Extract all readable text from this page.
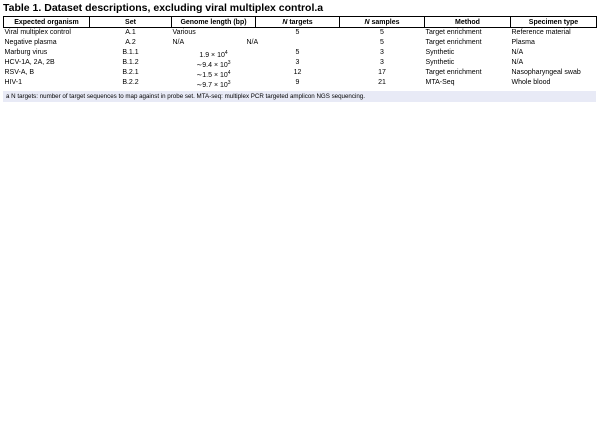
Table 1. Dataset descriptions, excluding viral multiplex control.a
Expected organism	Set	Genome length (bp)	N targets	N samples	Method	Specimen type
Viral multiplex control	A.1	Various	5	5	Target enrichment	Reference material
Negative plasma	A.2	N/A	N/A	5	Target enrichment	Plasma
Marburg virus	B.1.1	$1.9 \times 10^4$	5	3	Synthetic	N/A
HCV-1A, 2A, 2B	B.1.2	∼9.4 × $10^3$	3	3	Synthetic	N/A
RSV-A, B	B.2.1	∼1.5 × $10^4$	12	17	Target enrichment	Nasopharyngeal swab
HIV-1	B.2.2	∼9.7 × $10^3$	9	21	MTA-Seq	Whole blood
a N targets: number of target sequences to map against in probe set. MTA-seq: multiplex PCR targeted amplicon NGS sequencing.
